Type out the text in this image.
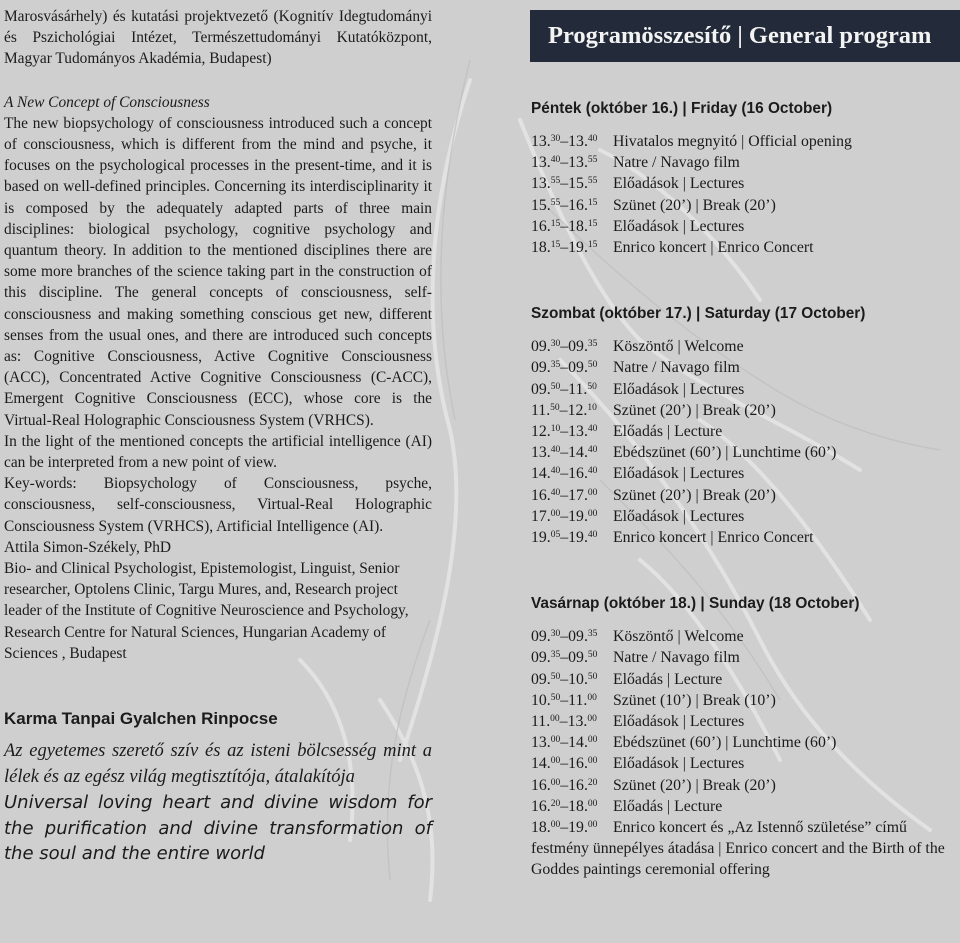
Marosvásárhely) és kutatási projektvezető (Kognitív Idegtudományi és Pszichológiai Intézet, Természettudományi Kutatóközpont, Magyar Tudományos Akadémia, Budapest)

A New Concept of Consciousness

The new biopsychology of consciousness introduced such a concept of consciousness, which is different from the mind and psyche, it focuses on the psychological processes in the present-time, and it is based on well-defined principles. Concerning its interdisciplinarity it is composed by the adequately adapted parts of three main disciplines: biological psychology, cognitive psychology and quantum theory. In addition to the mentioned disciplines there are some more branches of the science taking part in the construction of this discipline. The general concepts of consciousness, self-consciousness and making something conscious get new, different senses from the usual ones, and there are introduced such concepts as: Cognitive Consciousness, Active Cognitive Consciousness (ACC), Concentrated Active Cognitive Consciousness (C-ACC), Emergent Cognitive Consciousness (ECC), whose core is the Virtual-Real Holographic Consciousness System (VRHCS).

In the light of the mentioned concepts the artificial intelligence (AI) can be interpreted from a new point of view.

Key-words: Biopsychology of Consciousness, psyche, consciousness, self-consciousness, Virtual-Real Holographic Consciousness System (VRHCS), Artificial Intelligence (AI).

Attila Simon-Székely, PhD

Bio- and Clinical Psychologist, Epistemologist, Linguist, Senior researcher, Optolens Clinic, Targu Mures, and, Research project leader of the Institute of Cognitive Neuroscience and Psychology, Research Centre for Natural Sciences, Hungarian Academy of Sciences , Budapest

Karma Tanpai Gyalchen Rinpocse

Az egyetemes szerető szív és az isteni bölcsesség mint a lélek és az egész világ megtisztítója, átalakítója

Universal loving heart and divine wisdom for the purification and divine transformation of the soul and the entire world

Programösszesítő | General program

Péntek (október 16.) | Friday (16 October)

13.30–13.40 Hivatalos megnyitó | Official opening
13.40–13.55 Natre / Navago film
13.55–15.55 Előadások | Lectures
15.55–16.15 Szünet (20’) | Break (20’)
16.15–18.15 Előadások | Lectures
18.15–19.15 Enrico koncert | Enrico Concert

Szombat (október 17.) | Saturday (17 October)

09.30–09.35 Köszöntő | Welcome
09.35–09.50 Natre / Navago film
09.50–11.50	Előadások | Lectures
11.50–12.10	Szünet (20’) | Break (20’)
12.10–13.40 Előadás | Lecture
13.40–14.40 Ebédszünet (60’) | Lunchtime (60’)
14.40–16.40 Előadások | Lectures
16.40–17.00 Szünet (20’) | Break (20’)
17.00–19.00 Előadások | Lectures
19.05–19.40 Enrico koncert | Enrico Concert

Vasárnap (október 18.) | Sunday (18 October)

09.30–09.35 Köszöntő | Welcome
09.35–09.50 Natre / Navago film
09.50–10.50 Előadás | Lecture
10.50–11.00	Szünet (10’) | Break (10’)
11.00–13.00	Előadások | Lectures
13.00–14.00 Ebédszünet (60’) | Lunchtime (60’)
14.00–16.00 Előadások | Lectures
16.00–16.20 Szünet (20’) | Break (20’)
16.20–18.00 Előadás | Lecture
18.00–19.00 Enrico koncert és „Az Istennő születése” című festmény ünnepélyes átadása | Enrico concert and the Birth of the Goddes paintings ceremonial offering
